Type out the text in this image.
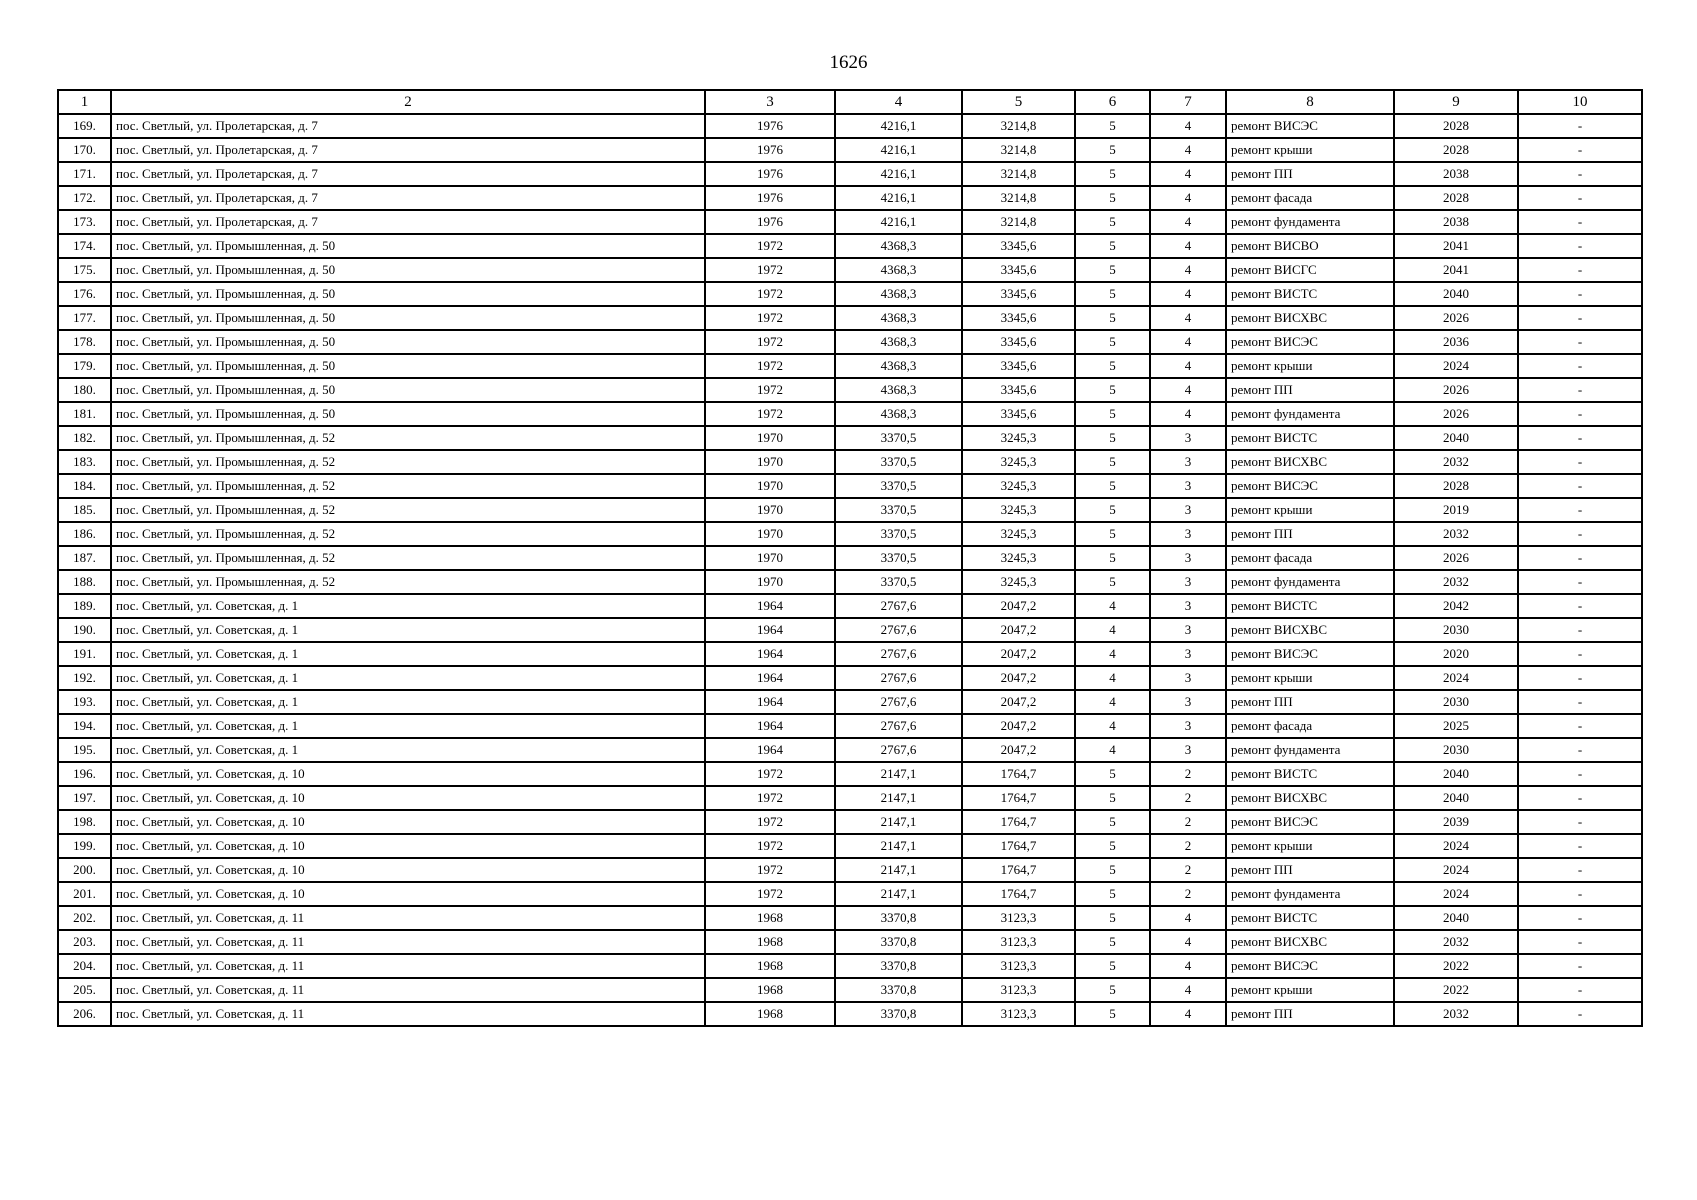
1626
1	2	3	4	5	6	7	8	9	10
169.	пос. Светлый, ул. Пролетарская, д. 7	1976	4216,1	3214,8	5	4	ремонт ВИСЭС	2028	-
170.	пос. Светлый, ул. Пролетарская, д. 7	1976	4216,1	3214,8	5	4	ремонт крыши	2028	-
171.	пос. Светлый, ул. Пролетарская, д. 7	1976	4216,1	3214,8	5	4	ремонт ПП	2038	-
172.	пос. Светлый, ул. Пролетарская, д. 7	1976	4216,1	3214,8	5	4	ремонт фасада	2028	-
173.	пос. Светлый, ул. Пролетарская, д. 7	1976	4216,1	3214,8	5	4	ремонт фундамента	2038	-
174.	пос. Светлый, ул. Промышленная, д. 50	1972	4368,3	3345,6	5	4	ремонт ВИСВО	2041	-
175.	пос. Светлый, ул. Промышленная, д. 50	1972	4368,3	3345,6	5	4	ремонт ВИСГС	2041	-
176.	пос. Светлый, ул. Промышленная, д. 50	1972	4368,3	3345,6	5	4	ремонт ВИСТС	2040	-
177.	пос. Светлый, ул. Промышленная, д. 50	1972	4368,3	3345,6	5	4	ремонт ВИСХВС	2026	-
178.	пос. Светлый, ул. Промышленная, д. 50	1972	4368,3	3345,6	5	4	ремонт ВИСЭС	2036	-
179.	пос. Светлый, ул. Промышленная, д. 50	1972	4368,3	3345,6	5	4	ремонт крыши	2024	-
180.	пос. Светлый, ул. Промышленная, д. 50	1972	4368,3	3345,6	5	4	ремонт ПП	2026	-
181.	пос. Светлый, ул. Промышленная, д. 50	1972	4368,3	3345,6	5	4	ремонт фундамента	2026	-
182.	пос. Светлый, ул. Промышленная, д. 52	1970	3370,5	3245,3	5	3	ремонт ВИСТС	2040	-
183.	пос. Светлый, ул. Промышленная, д. 52	1970	3370,5	3245,3	5	3	ремонт ВИСХВС	2032	-
184.	пос. Светлый, ул. Промышленная, д. 52	1970	3370,5	3245,3	5	3	ремонт ВИСЭС	2028	-
185.	пос. Светлый, ул. Промышленная, д. 52	1970	3370,5	3245,3	5	3	ремонт крыши	2019	-
186.	пос. Светлый, ул. Промышленная, д. 52	1970	3370,5	3245,3	5	3	ремонт ПП	2032	-
187.	пос. Светлый, ул. Промышленная, д. 52	1970	3370,5	3245,3	5	3	ремонт фасада	2026	-
188.	пос. Светлый, ул. Промышленная, д. 52	1970	3370,5	3245,3	5	3	ремонт фундамента	2032	-
189.	пос. Светлый, ул. Советская, д. 1	1964	2767,6	2047,2	4	3	ремонт ВИСТС	2042	-
190.	пос. Светлый, ул. Советская, д. 1	1964	2767,6	2047,2	4	3	ремонт ВИСХВС	2030	-
191.	пос. Светлый, ул. Советская, д. 1	1964	2767,6	2047,2	4	3	ремонт ВИСЭС	2020	-
192.	пос. Светлый, ул. Советская, д. 1	1964	2767,6	2047,2	4	3	ремонт крыши	2024	-
193.	пос. Светлый, ул. Советская, д. 1	1964	2767,6	2047,2	4	3	ремонт ПП	2030	-
194.	пос. Светлый, ул. Советская, д. 1	1964	2767,6	2047,2	4	3	ремонт фасада	2025	-
195.	пос. Светлый, ул. Советская, д. 1	1964	2767,6	2047,2	4	3	ремонт фундамента	2030	-
196.	пос. Светлый, ул. Советская, д. 10	1972	2147,1	1764,7	5	2	ремонт ВИСТС	2040	-
197.	пос. Светлый, ул. Советская, д. 10	1972	2147,1	1764,7	5	2	ремонт ВИСХВС	2040	-
198.	пос. Светлый, ул. Советская, д. 10	1972	2147,1	1764,7	5	2	ремонт ВИСЭС	2039	-
199.	пос. Светлый, ул. Советская, д. 10	1972	2147,1	1764,7	5	2	ремонт крыши	2024	-
200.	пос. Светлый, ул. Советская, д. 10	1972	2147,1	1764,7	5	2	ремонт ПП	2024	-
201.	пос. Светлый, ул. Советская, д. 10	1972	2147,1	1764,7	5	2	ремонт фундамента	2024	-
202.	пос. Светлый, ул. Советская, д. 11	1968	3370,8	3123,3	5	4	ремонт ВИСТС	2040	-
203.	пос. Светлый, ул. Советская, д. 11	1968	3370,8	3123,3	5	4	ремонт ВИСХВС	2032	-
204.	пос. Светлый, ул. Советская, д. 11	1968	3370,8	3123,3	5	4	ремонт ВИСЭС	2022	-
205.	пос. Светлый, ул. Советская, д. 11	1968	3370,8	3123,3	5	4	ремонт крыши	2022	-
206.	пос. Светлый, ул. Советская, д. 11	1968	3370,8	3123,3	5	4	ремонт ПП	2032	-
